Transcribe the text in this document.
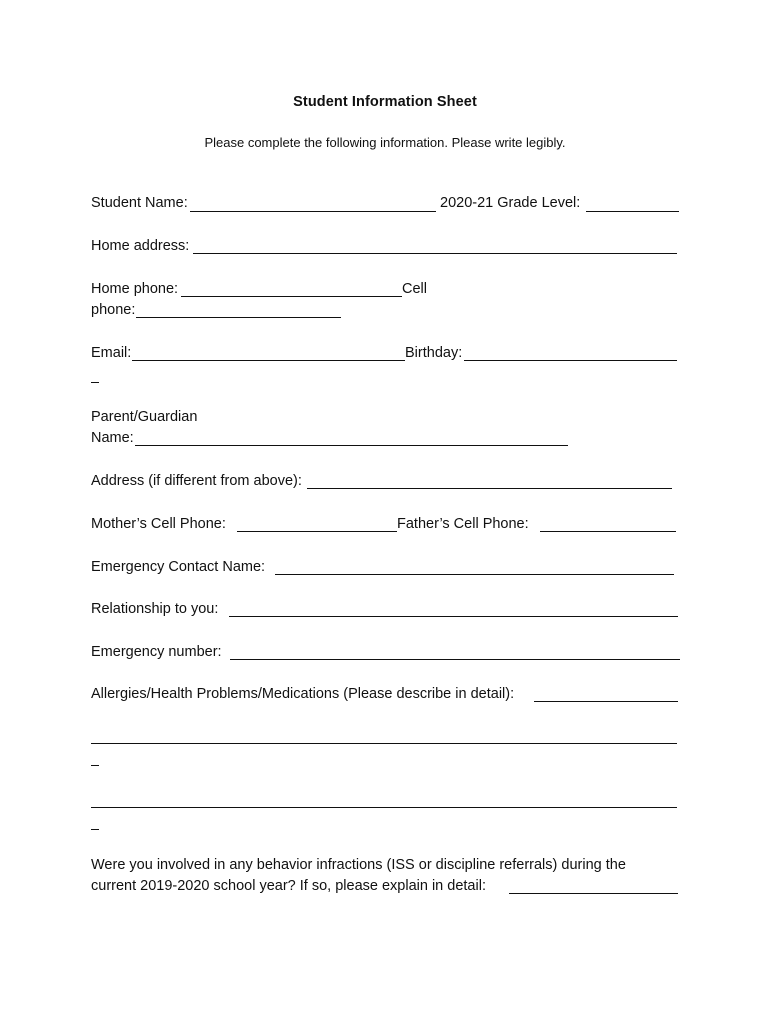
Student Information Sheet
Please complete the following information. Please write legibly.
Student Name:	2020-21 Grade Level:
Home address:
Home phone:	Cell
phone:
Email:	Birthday:
Parent/Guardian
Name:
Address (if different from above):
Mother’s Cell Phone:	Father’s Cell Phone:
Emergency Contact Name:
Relationship to you:
Emergency number:
Allergies/Health Problems/Medications (Please describe in detail):
Were you involved in any behavior infractions (ISS or discipline referrals) during the
current 2019-2020 school year? If so, please explain in detail:
